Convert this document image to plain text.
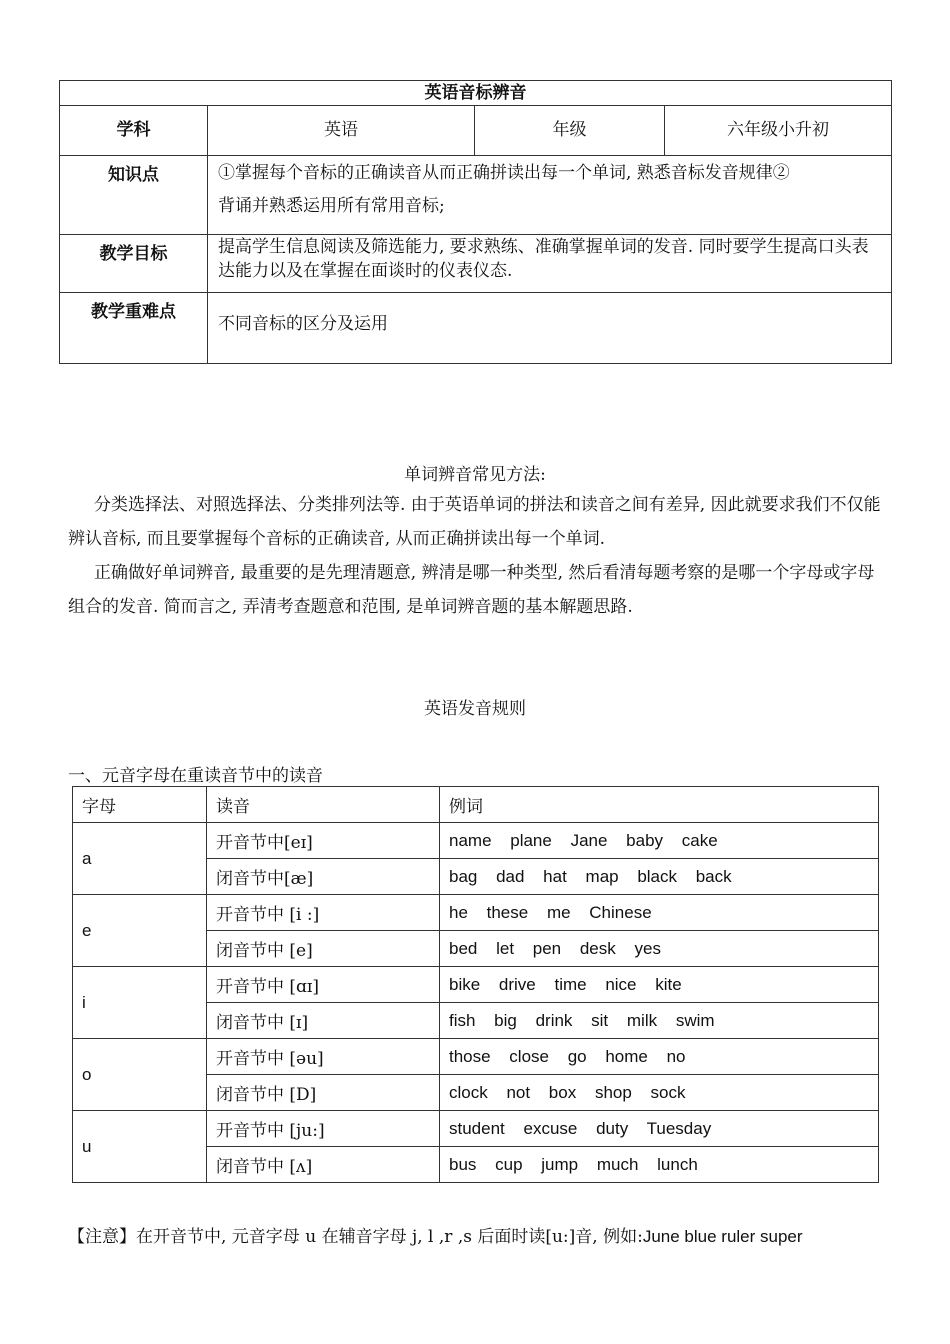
英语音标辨音			
学科	英语	年级	六年级小升初
知识点	①掌握每个音标的正确读音从而正确拼读出每一个单词, 熟悉音标发音规律②
背诵并熟悉运用所有常用音标;		

教学目标	提高学生信息阅读及筛选能力, 要求熟练、准确掌握单词的发音. 同时要学生提高口头表达能力以及在掌握在面谈时的仪表仪态.		
教学重难点	不同音标的区分及运用		
单词辨音常见方法:
分类选择法、对照选择法、分类排列法等. 由于英语单词的拼法和读音之间有差异, 因此就要求我们不仅能辨认音标, 而且要掌握每个音标的正确读音, 从而正确拼读出每一个单词.
正确做好单词辨音, 最重要的是先理清题意, 辨清是哪一种类型, 然后看清每题考察的是哪一个字母或字母组合的发音. 简而言之, 弄清考查题意和范围, 是单词辨音题的基本解题思路.
英语发音规则
一、元音字母在重读音节中的读音
字母	读音	例词
a	开音节中[eɪ]	name plane Jane baby cake
	闭音节中[æ]	bag dad hat map black back
e	开音节中 [i :]	he these me Chinese
	闭音节中 [e]	bed let pen desk yes
i	开音节中 [ɑɪ]	bike drive time nice kite
	闭音节中 [ɪ]	fish big drink sit milk swim
o	开音节中 [əu]	those close go home no
	闭音节中 [D]	clock not box shop sock
u	开音节中 [ju:]	student excuse duty Tuesday
	闭音节中 [ʌ]	bus cup jump much lunch
【注意】在开音节中, 元音字母 u 在辅音字母 j, l ,r ,s 后面时读[u:]音, 例如:June blue ruler super
